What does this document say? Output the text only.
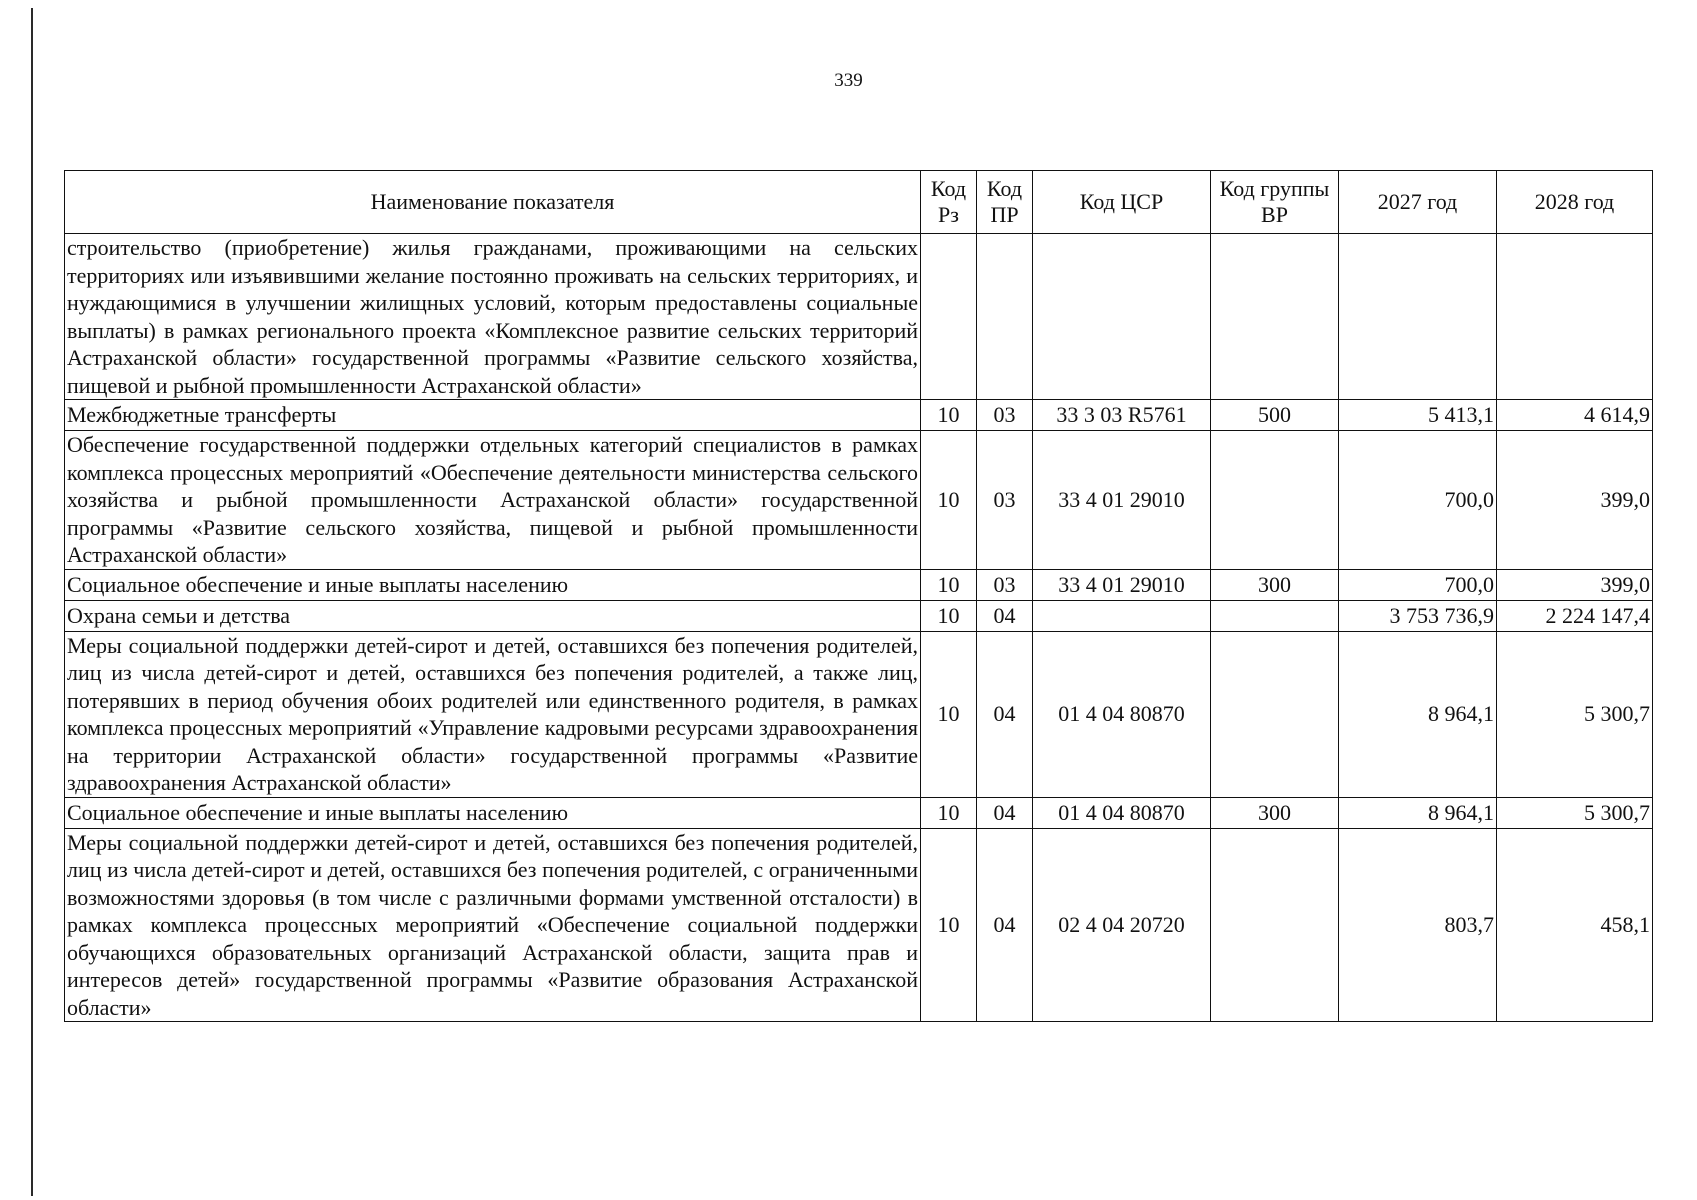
339
Наименование показателя	Код Рз	Код ПР	Код ЦСР	Код группы ВР	2027 год	2028 год
строительство (приобретение) жилья гражданами, проживающими на сельских территориях или изъявившими желание постоянно проживать на сельских территориях, и нуждающимися в улучшении жилищных условий, которым предоставлены социальные выплаты) в рамках регионального проекта «Комплексное развитие сельских территорий Астраханской области» государственной программы «Развитие сельского хозяйства, пищевой и рыбной промышленности Астраханской области»						
Межбюджетные трансферты	10	03	33 3 03 R5761	500	5 413,1	4 614,9
Обеспечение государственной поддержки отдельных категорий специалистов в рамках комплекса процессных мероприятий «Обеспечение деятельности министерства сельского хозяйства и рыбной промышленности Астраханской области» государственной программы «Развитие сельского хозяйства, пищевой и рыбной промышленности Астраханской области»	10	03	33 4 01 29010		700,0	399,0
Социальное обеспечение и иные выплаты населению	10	03	33 4 01 29010	300	700,0	399,0
Охрана семьи и детства	10	04			3 753 736,9	2 224 147,4
Меры социальной поддержки детей-сирот и детей, оставшихся без попечения родителей, лиц из числа детей-сирот и детей, оставшихся без попечения родителей, а также лиц, потерявших в период обучения обоих родителей или единственного родителя, в рамках комплекса процессных мероприятий «Управление кадровыми ресурсами здравоохранения на территории Астраханской области» государственной программы «Развитие здравоохранения Астраханской области»	10	04	01 4 04 80870		8 964,1	5 300,7
Социальное обеспечение и иные выплаты населению	10	04	01 4 04 80870	300	8 964,1	5 300,7
Меры социальной поддержки детей-сирот и детей, оставшихся без попечения родителей, лиц из числа детей-сирот и детей, оставшихся без попечения родителей, с ограниченными возможностями здоровья (в том числе с различными формами умственной отсталости) в рамках комплекса процессных мероприятий «Обеспечение социальной поддержки обучающихся образовательных организаций Астраханской области, защита прав и интересов детей» государственной программы «Развитие образования Астраханской области»	10	04	02 4 04 20720		803,7	458,1
